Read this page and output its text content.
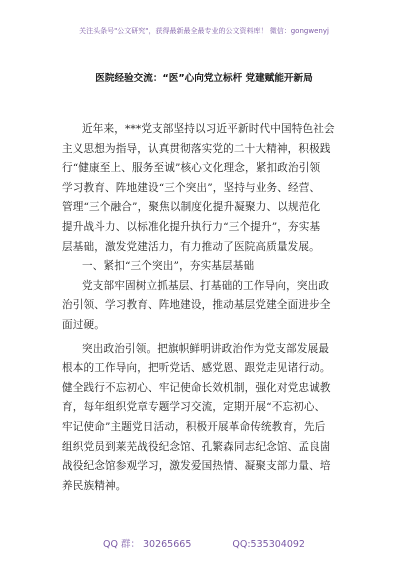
关注头条号"公文研究"，获得最新最全最专业的公文资料库！ 微信：gongwenyj
医院经验交流：“医”心向党立标杆 党建赋能开新局
近年来，***党支部坚持以习近平新时代中国特色社会
主义思想为指导，认真贯彻落实党的二十大精神，积极践
行“健康至上、服务至诚”核心文化理念，紧扣政治引领
学习教育、阵地建设“三个突出”，坚持与业务、经营、
管理“三个融合”，聚焦以制度化提升凝聚力、以规范化
提升战斗力、以标准化提升执行力“三个提升”，夯实基
层基础，激发党建活力，有力推动了医院高质量发展。
一、紧扣“三个突出”，夯实基层基础
党支部牢固树立抓基层、打基础的工作导向，突出政
治引领、学习教育、阵地建设，推动基层党建全面进步全
面过硬。
突出政治引领。把旗帜鲜明讲政治作为党支部发展最
根本的工作导向，把听党话、感党恩、跟党走见诸行动。
健全践行不忘初心、牢记使命长效机制，强化对党忠诚教
育，每年组织党章专题学习交流，定期开展“不忘初心、
牢记使命”主题党日活动，积极开展革命传统教育，先后
组织党员到莱芜战役纪念馆、孔繁森同志纪念馆、孟良崮
战役纪念馆参观学习，激发爱国热情、凝聚支部力量、培
养民族精神。
QQ 群： 30265665	QQ:535304092
